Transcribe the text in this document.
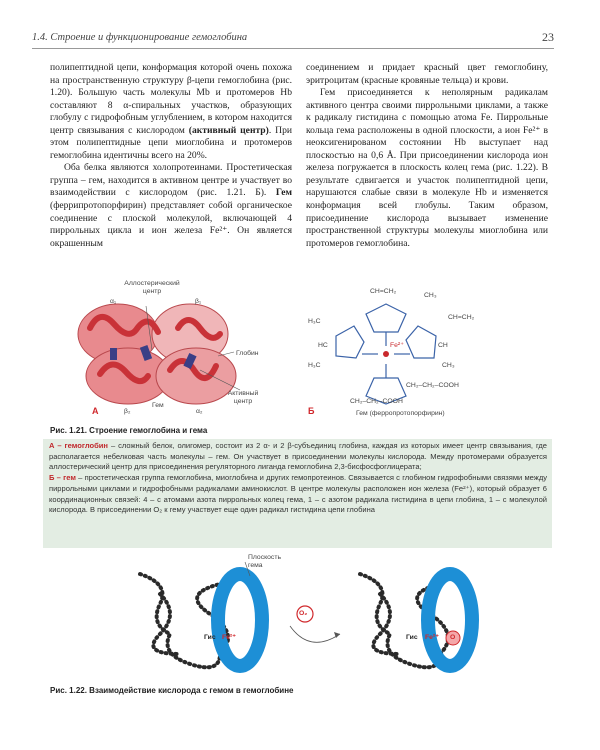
1.4. Строение и функционирование гемоглобина	23

полипептидной цепи, конформация которой очень похожа на пространственную структуру β-цепи гемоглобина (рис. 1.20). Большую часть молекулы Mb и протомеров Hb составляют 8 α-спиральных участков, образующих глобулу с гидрофобным углублением, в котором находится центр связывания с кислородом (активный центр). При этом полипептидные цепи миоглобина и протомеров гемоглобина идентичны всего на 20%.

Оба белка являются холопротеинами. Простетическая группа – гем, находится в активном центре и участвует во взаимодействии с кислородом (рис. 1.21. Б). Гем (феррипротопорфирин) представляет собой органическое соединение с плоской молекулой, включающей 4 пиррольных цикла и ион железа Fe²⁺. Он является окрашенным

соединением и придает красный цвет гемоглобину, эритроцитам (красные кровяные тельца) и крови.

Гем присоединяется к неполярным радикалам активного центра своими пиррольными циклами, а также к радикалу гистидина с помощью атома Fe. Пиррольные кольца гема расположены в одной плоскости, а ион Fe²⁺ в неоксигенированом состоянии Hb выступает над плоскостью на 0,6 Å. При присоединении кислорода ион железа погружается в плоскость колец гема (рис. 1.22). В результате сдвигается и участок полипептидной цепи, нарушаются слабые связи в молекуле Hb и изменяется конформация всей глобулы. Таким образом, присоединение кислорода вызывает изменение пространственной структуры молекулы миоглобина или протомеров гемоглобина.

Аллостерический центр
α₁	β₁
Глобин
Активный центр
Гем
β₂	α₂
А
CH=CH₂
CH₃
H₃C
CH=CH₂
HC	CH
Fe²⁺
H₃C	CH₃
CH₂–CH₂–COOH
CH₂–CH₂–COOH
Б	Гем (ферропротопорфирин)
Рис. 1.21. Строение гемоглобина и гема
А – гемоглобин – сложный белок, олигомер, состоит из 2 α- и 2 β-субъединиц глобина, каждая из которых имеет центр связывания, где располагается небелковая часть молекулы – гем. Он участвует в присоединении молекулы кислорода. Между протомерами образуется аллостерический центр для присоединения регуляторного лиганда гемоглобина 2,3-бисфосфоглицерата;
Б – гем – простетическая группа гемоглобина, миоглобина и других гемопротеинов. Связывается с глобином гидрофобными связями между пиррольными циклами и гидрофобными радикалами аминокислот. В центре молекулы расположен ион железа (Fe²⁺), который образует 6 координационных связей: 4 – с атомами азота пиррольных колец гема, 1 – с азотом радикала гистидина в цепи глобина, 1 – с молекулой кислорода. В присоединении O₂ к гему участвует еще один радикал гистидина цепи глобина
Плоскость гема
Гис Fe²⁺
O₂
Гис Fe²⁺ O
Рис. 1.22. Взаимодействие кислорода с гемом в гемоглобине
